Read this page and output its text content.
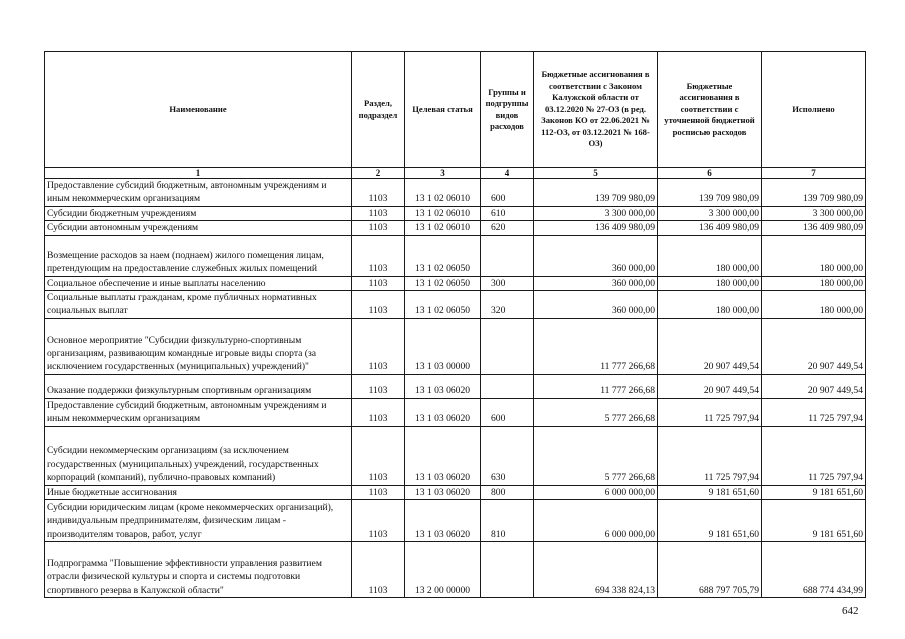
Наименование	Раздел, подраздел	Целевая статья	Группы и подгруппы видов расходов	Бюджетные ассигнования в соответствии с Законом Калужской области от 03.12.2020 № 27-ОЗ (в ред. Законов КО от 22.06.2021 № 112-ОЗ, от 03.12.2021 № 168-ОЗ)	Бюджетные ассигнования в соответствии с уточненной бюджетной росписью расходов	Исполнено
1	2	3	4	5	6	7
Предоставление субсидий бюджетным, автономным учреждениям и иным некоммерческим организациям	1103	13 1 02 06010	600	139 709 980,09	139 709 980,09	139 709 980,09
Субсидии бюджетным учреждениям	1103	13 1 02 06010	610	3 300 000,00	3 300 000,00	3 300 000,00
Субсидии автономным учреждениям	1103	13 1 02 06010	620	136 409 980,09	136 409 980,09	136 409 980,09
Возмещение расходов за наем (поднаем) жилого помещения лицам, претендующим на предоставление служебных жилых помещений	1103	13 1 02 06050		360 000,00	180 000,00	180 000,00
Социальное обеспечение и иные выплаты населению	1103	13 1 02 06050	300	360 000,00	180 000,00	180 000,00
Социальные выплаты гражданам, кроме публичных нормативных социальных выплат	1103	13 1 02 06050	320	360 000,00	180 000,00	180 000,00
Основное мероприятие "Субсидии физкультурно-спортивным организациям, развивающим командные игровые виды спорта (за исключением государственных (муниципальных) учреждений)"	1103	13 1 03 00000		11 777 266,68	20 907 449,54	20 907 449,54
Оказание поддержки физкультурным спортивным организациям	1103	13 1 03 06020		11 777 266,68	20 907 449,54	20 907 449,54
Предоставление субсидий бюджетным, автономным учреждениям и иным некоммерческим организациям	1103	13 1 03 06020	600	5 777 266,68	11 725 797,94	11 725 797,94
Субсидии некоммерческим организациям (за исключением государственных (муниципальных) учреждений, государственных корпораций (компаний), публично-правовых компаний)	1103	13 1 03 06020	630	5 777 266,68	11 725 797,94	11 725 797,94
Иные бюджетные ассигнования	1103	13 1 03 06020	800	6 000 000,00	9 181 651,60	9 181 651,60
Субсидии юридическим лицам (кроме некоммерческих организаций), индивидуальным предпринимателям, физическим лицам - производителям товаров, работ, услуг	1103	13 1 03 06020	810	6 000 000,00	9 181 651,60	9 181 651,60
Подпрограмма "Повышение эффективности управления развитием отрасли физической культуры и спорта и системы подготовки спортивного резерва в Калужской области"	1103	13 2 00 00000		694 338 824,13	688 797 705,79	688 774 434,99
642
